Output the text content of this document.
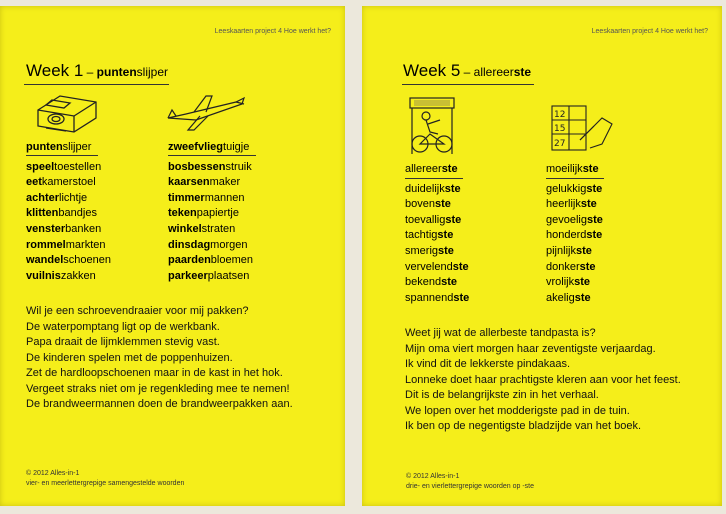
Leeskaarten project 4 Hoe werkt het?
Week 1 – puntenslijper
puntenslijper
speeltoestellen
eetkamerstoel
achterlichtje
klittenbandjes
vensterbanken
rommelmarkten
wandelschoenen
vuilniszakken
zweefvliegtuigje
bosbessenstruik
kaarsenmaker
timmermannen
tekenpapiertje
winkelstraten
dinsdagmorgen
paardenbloemen
parkeerplaatsen
Wil je een schroevendraaier voor mij pakken?
De waterpomptang ligt op de werkbank.
Papa draait de lijmklemmen stevig vast.
De kinderen spelen met de poppenhuizen.
Zet de hardloopschoenen maar in de kast in het hok.
Vergeet straks niet om je regenkleding mee te nemen!
De brandweermannen doen de brandweerpakken aan.
© 2012 Alles-in-1
vier- en meerlettergrepige samengestelde woorden
Leeskaarten project 4 Hoe werkt het?
Week 5 – allereerste
12
15
27
allereerste
duidelijkste
bovenste
toevalligste
tachtigste
smerigste
vervelendste
bekendste
spannendste
moeilijkste
gelukkigste
heerlijkste
gevoeligste
honderdste
pijnlijkste
donkerste
vrolijkste
akeligste
Weet jij wat de allerbeste tandpasta is?
Mijn oma viert morgen haar zeventigste verjaardag.
Ik vind dit de lekkerste pindakaas.
Lonneke doet haar prachtigste kleren aan voor het feest.
Dit is de belangrijkste zin in het verhaal.
We lopen over het modderigste pad in de tuin.
Ik ben op de negentigste bladzijde van het boek.
© 2012 Alles-in-1
drie- en vierlettergrepige woorden op -ste
